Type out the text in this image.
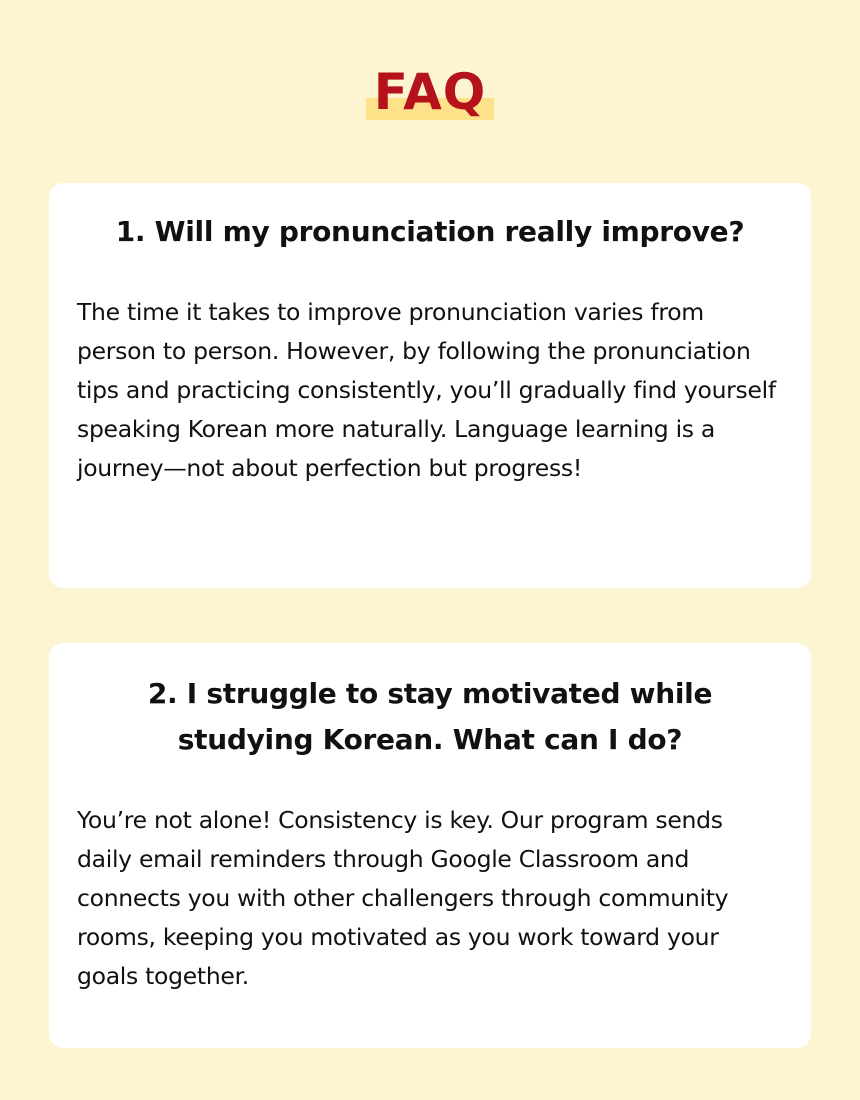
FAQ
1. Will my pronunciation really improve?

The time it takes to improve pronunciation varies from person to person. However, by following the pronunciation tips and practicing consistently, you’ll gradually find yourself speaking Korean more naturally. Language learning is a journey—not about perfection but progress!

2. I struggle to stay motivated while studying Korean. What can I do?

You’re not alone! Consistency is key. Our program sends daily email reminders through Google Classroom and connects you with other challengers through community rooms, keeping you motivated as you work toward your goals together.
